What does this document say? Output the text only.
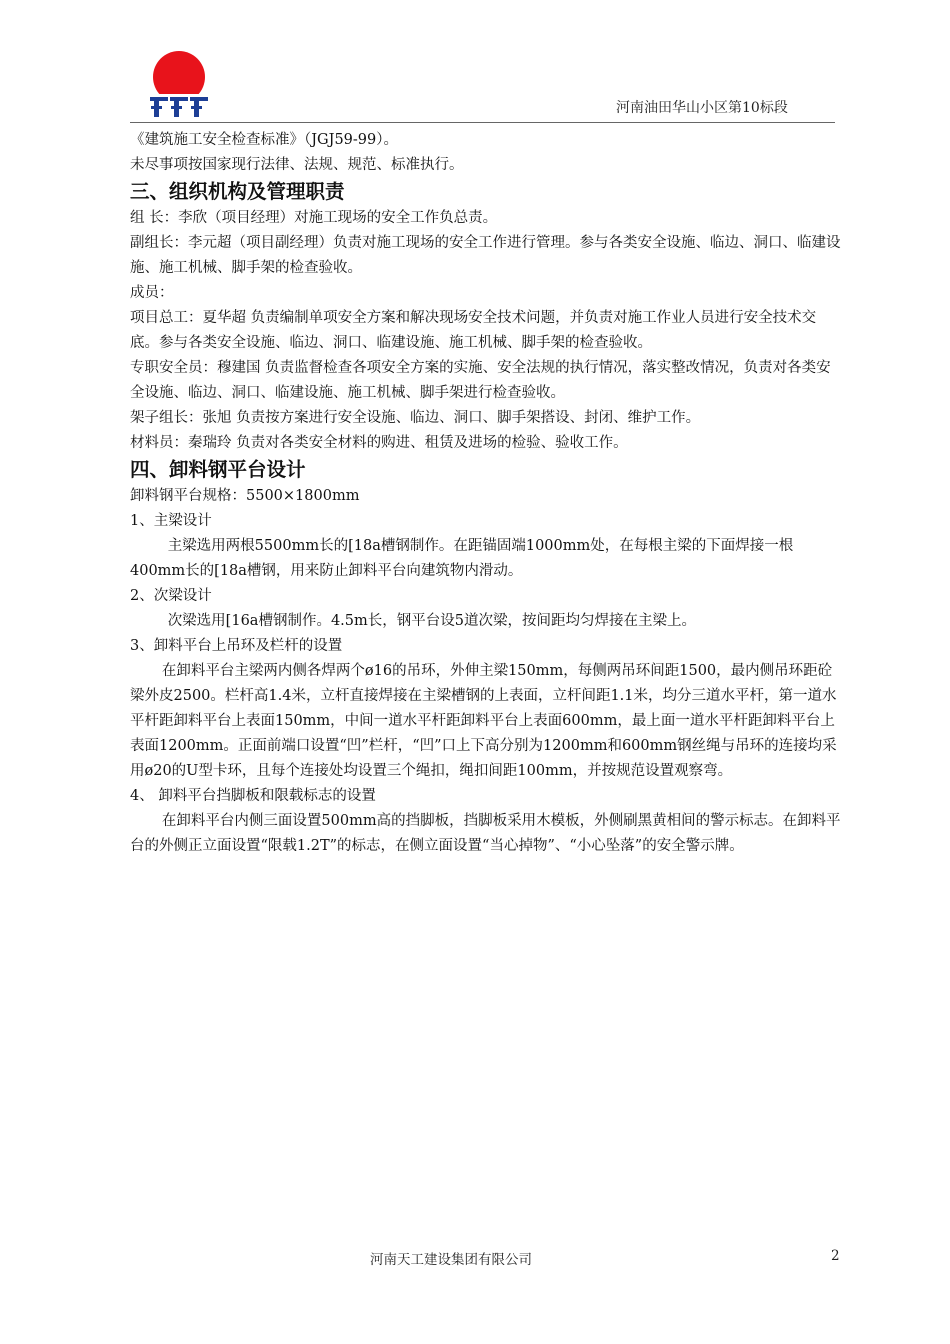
河南油田华山小区第10标段

《建筑施工安全检查标准》（JGJ59-99）。

未尽事项按国家现行法律、法规、规范、标准执行。

三、组织机构及管理职责

组 长：李欣（项目经理）对施工现场的安全工作负总责。

副组长：李元超（项目副经理）负责对施工现场的安全工作进行管理。参与各类安全设施、临边、洞口、临建设施、施工机械、脚手架的检查验收。

成员：

项目总工：夏华超 负责编制单项安全方案和解决现场安全技术问题，并负责对施工作业人员进行安全技术交底。参与各类安全设施、临边、洞口、临建设施、施工机械、脚手架的检查验收。

专职安全员：穆建国 负责监督检查各项安全方案的实施、安全法规的执行情况，落实整改情况，负责对各类安全设施、临边、洞口、临建设施、施工机械、脚手架进行检查验收。

架子组长：张旭 负责按方案进行安全设施、临边、洞口、脚手架搭设、封闭、维护工作。

材料员：秦瑞玲 负责对各类安全材料的购进、租赁及进场的检验、验收工作。

四、卸料钢平台设计

卸料钢平台规格：5500×1800mm

1、主梁设计

主梁选用两根5500mm长的[18a槽钢制作。在距锚固端1000mm处，在每根主梁的下面焊接一根400mm长的[18a槽钢，用来防止卸料平台向建筑物内滑动。

2、次梁设计

次梁选用[16a槽钢制作。4.5m长，钢平台设5道次梁，按间距均匀焊接在主梁上。

3、卸料平台上吊环及栏杆的设置

在卸料平台主梁两内侧各焊两个ø16的吊环，外伸主梁150mm，每侧两吊环间距1500，最内侧吊环距砼梁外皮2500。栏杆高1.4米，立杆直接焊接在主梁槽钢的上表面，立杆间距1.1米，均分三道水平杆，第一道水平杆距卸料平台上表面150mm，中间一道水平杆距卸料平台上表面600mm，最上面一道水平杆距卸料平台上表面1200mm。正面前端口设置“凹”栏杆，“凹”口上下高分别为1200mm和600mm钢丝绳与吊环的连接均采用ø20的U型卡环，且每个连接处均设置三个绳扣，绳扣间距100mm，并按规范设置观察弯。

4、 卸料平台挡脚板和限载标志的设置

在卸料平台内侧三面设置500mm高的挡脚板，挡脚板采用木模板，外侧刷黑黄相间的警示标志。在卸料平台的外侧正立面设置“限载1.2T”的标志，在侧立面设置“当心掉物”、“小心坠落”的安全警示牌。

河南天工建设集团有限公司	2
